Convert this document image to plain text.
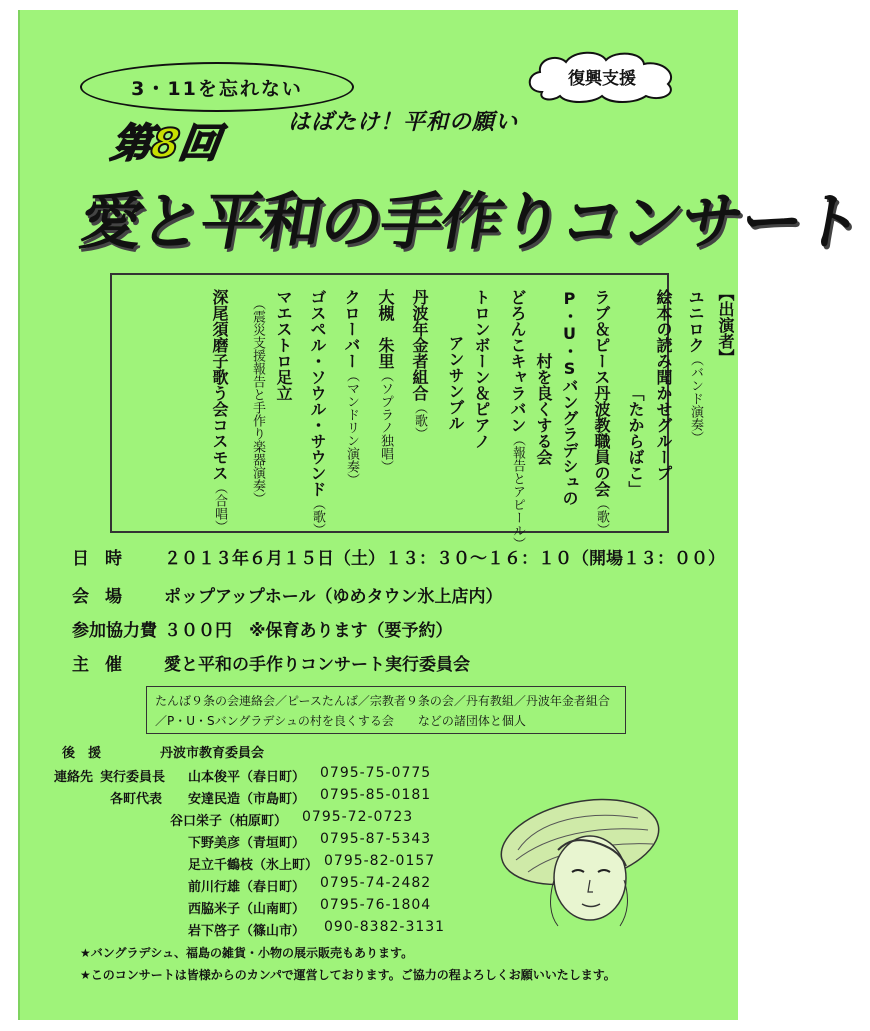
3・11を忘れない	復興支援
はばたけ！平和の願い
第8回
愛と平和の手作りコンサート
【出演者】
ユニロク（バンド演奏）
絵本の読み聞かせグループ
「たからばこ」
ラブ＆ピース丹波教職員の会（歌）
P・U・Sバングラデシュの
村を良くする会
どろんこキャラバン（報告とアピール）
トロンボーン＆ピアノ
アンサンブル
丹波年金者組合（歌）
大槻　朱里（ソプラノ独唱）
クローバー（マンドリン演奏）
ゴスペル・ソウル・サウンド（歌）
マエストロ足立
（震災支援報告と手作り楽器演奏）
深尾須磨子歌う会コスモス（合唱）
日時 ２０１３年６月１５日（土）１３：３０〜１６：１０（開場１３：００）
会場 ポップアップホール（ゆめタウン氷上店内）
参加協力費 ３００円　※保育あります（要予約）
主催 愛と平和の手作りコンサート実行委員会
たんば９条の会連絡会／ピースたんば／宗教者９条の会／丹有教組／丹波年金者組合
／P・U・Sバングラデシュの村を良くする会　　などの諸団体と個人
後　援	丹波市教育委員会
連絡先 実行委員長 山本俊平（春日町） 0795-75-0775
各町代表 安達民造（市島町） 0795-85-0181
谷口栄子（柏原町） 0795-72-0723
下野美彦（青垣町） 0795-87-5343
足立千鶴枝（氷上町） 0795-82-0157
前川行雄（春日町） 0795-74-2482
西脇米子（山南町） 0795-76-1804
岩下啓子（篠山市） 090-8382-3131
★バングラデシュ、福島の雑貨・小物の展示販売もあります。
★このコンサートは皆様からのカンパで運営しております。ご協力の程よろしくお願いいたします。
